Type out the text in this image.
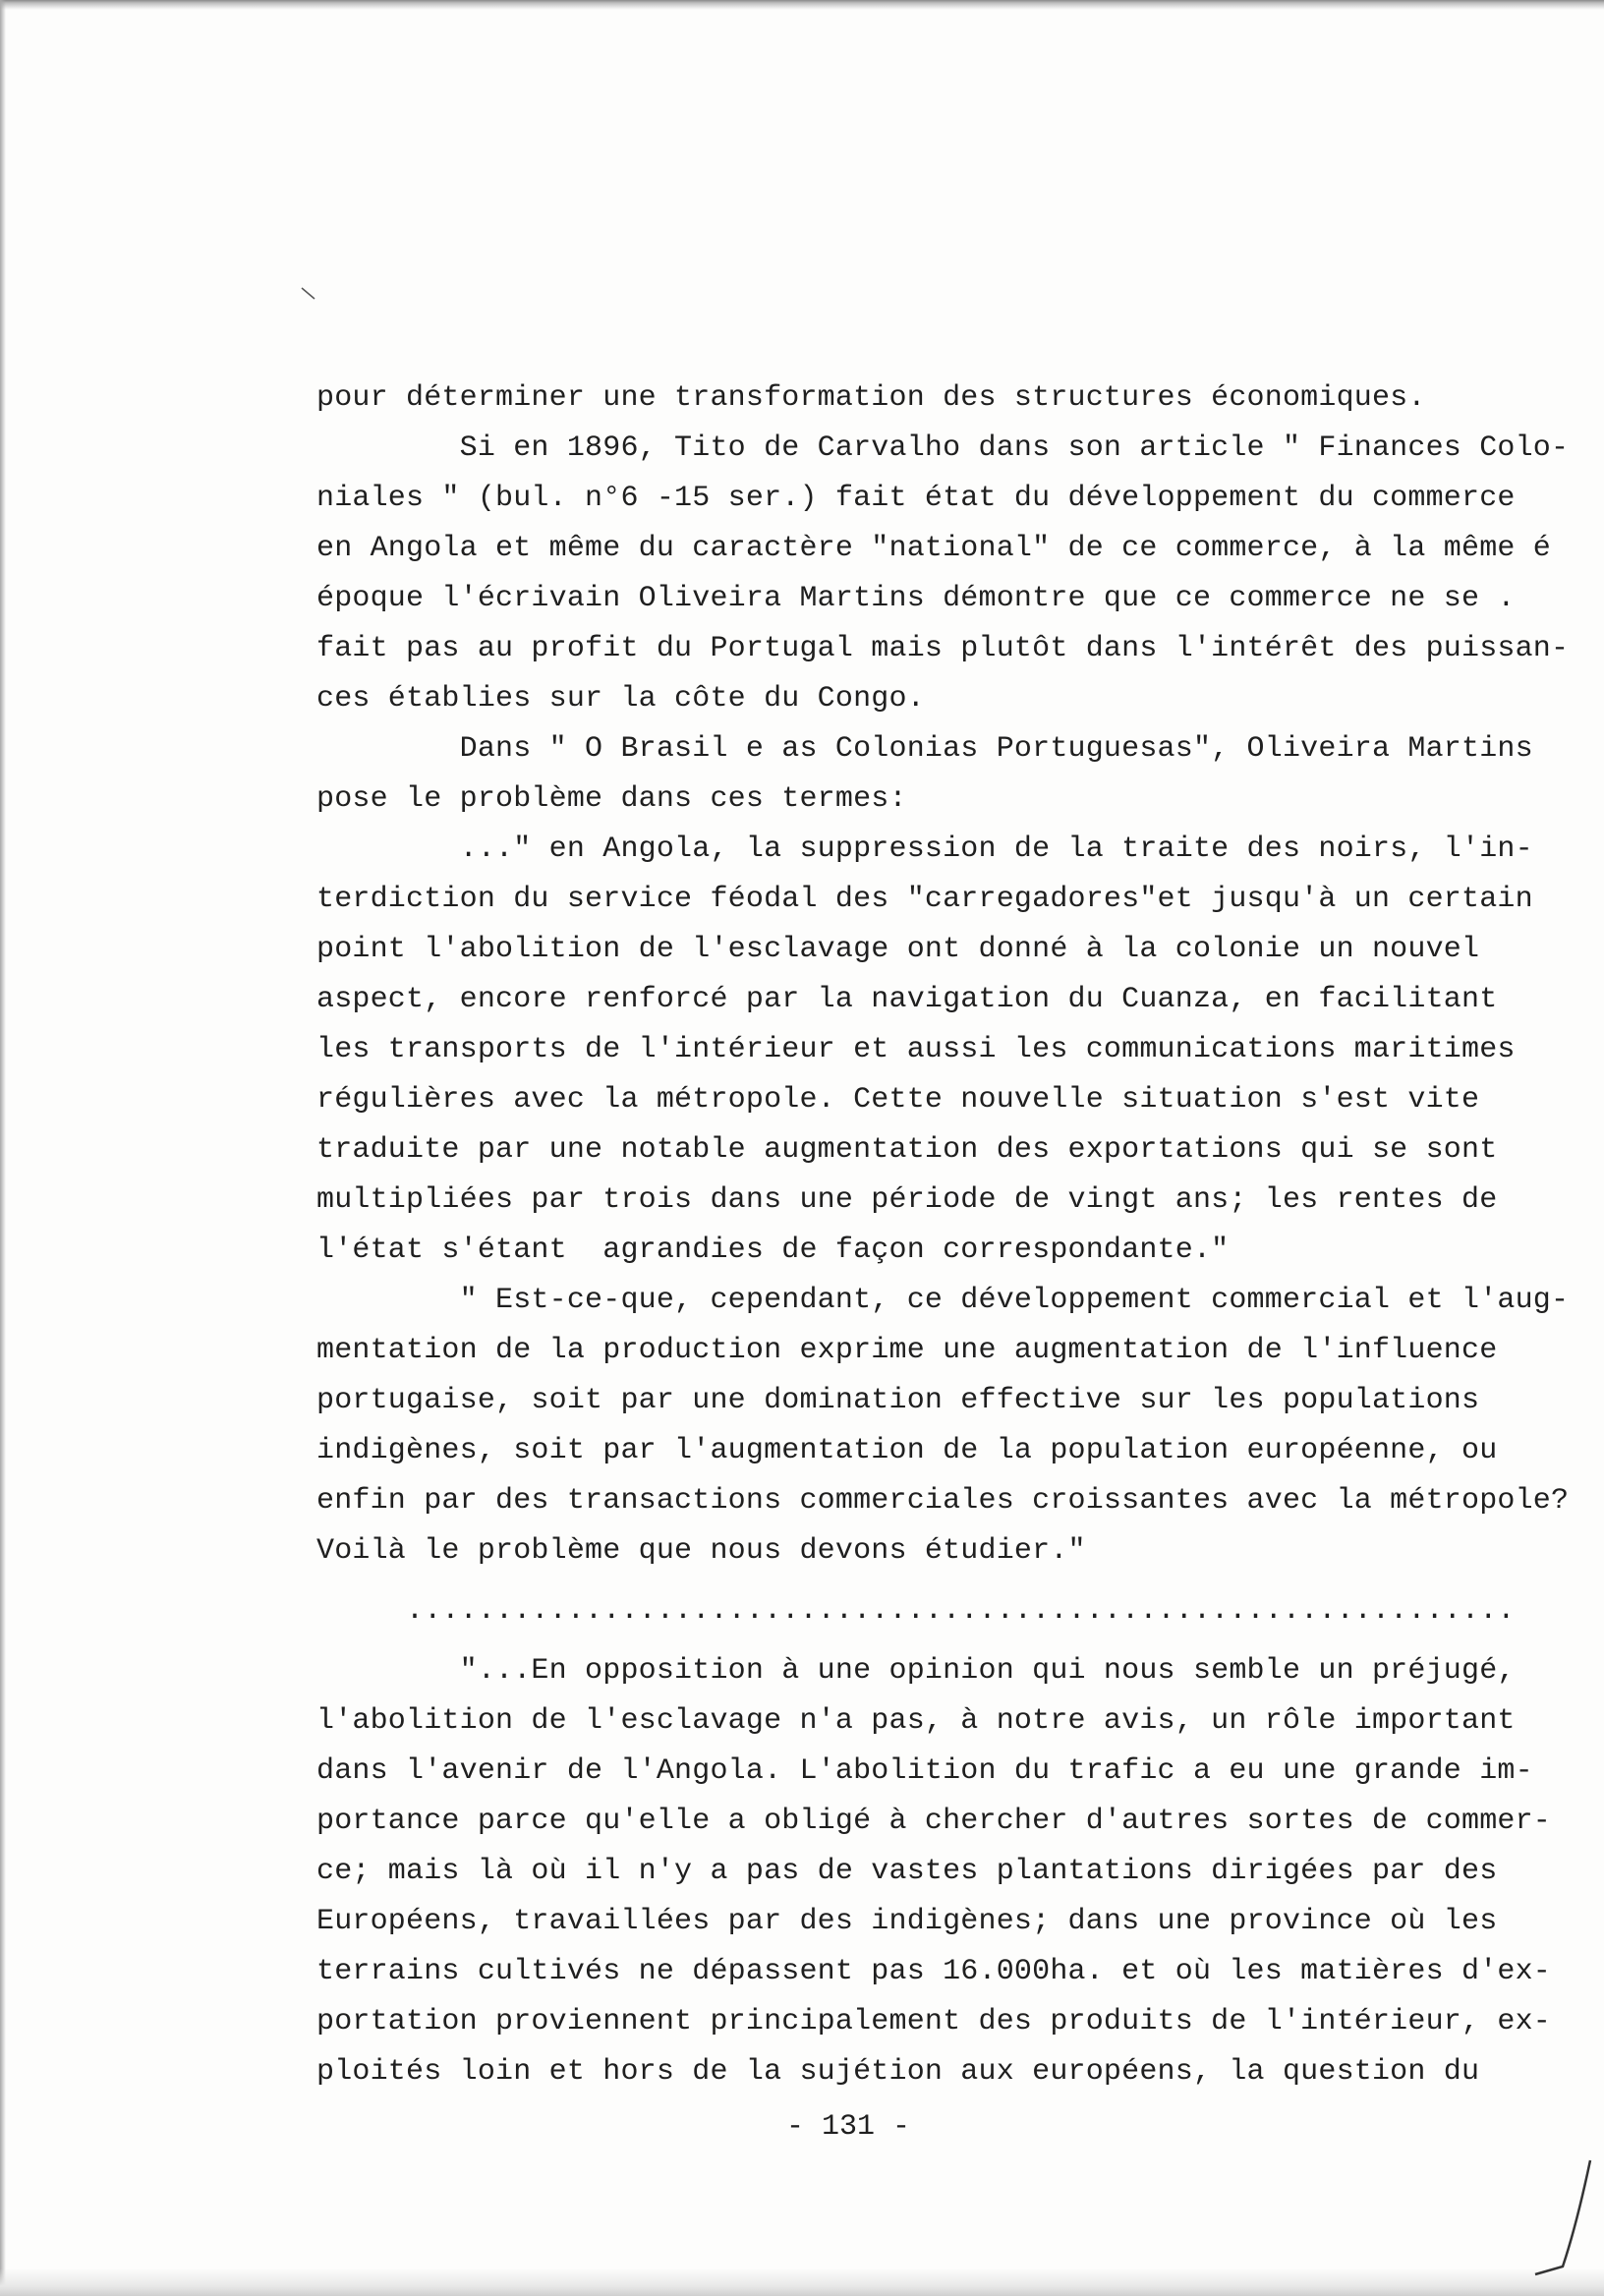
pour déterminer une transformation des structures économiques.
Si en 1896, Tito de Carvalho dans son article " Finances Colo-
niales " (bul. n°6 -15 ser.) fait état du développement du commerce
en Angola et même du caractère "national" de ce commerce, à la même é
époque l'écrivain Oliveira Martins démontre que ce commerce ne se .
fait pas au profit du Portugal mais plutôt dans l'intérêt des puissan-
ces établies sur la côte du Congo.
Dans " O Brasil e as Colonias Portuguesas", Oliveira Martins
pose le problème dans ces termes:
..." en Angola, la suppression de la traite des noirs, l'in-
terdiction du service féodal des "carregadores"et jusqu'à un certain
point l'abolition de l'esclavage ont donné à la colonie un nouvel
aspect, encore renforcé par la navigation du Cuanza, en facilitant
les transports de l'intérieur et aussi les communications maritimes
régulières avec la métropole. Cette nouvelle situation s'est vite
traduite par une notable augmentation des exportations qui se sont
multipliées par trois dans une période de vingt ans; les rentes de
l'état s'étant  agrandies de façon correspondante."
" Est-ce-que, cependant, ce développement commercial et l'aug-
mentation de la production exprime une augmentation de l'influence
portugaise, soit par une domination effective sur les populations
indigènes, soit par l'augmentation de la population européenne, ou
enfin par des transactions commerciales croissantes avec la métropole?
Voilà le problème que nous devons étudier."
..............................................................
"...En opposition à une opinion qui nous semble un préjugé,
l'abolition de l'esclavage n'a pas, à notre avis, un rôle important
dans l'avenir de l'Angola. L'abolition du trafic a eu une grande im-
portance parce qu'elle a obligé à chercher d'autres sortes de commer-
ce; mais là où il n'y a pas de vastes plantations dirigées par des
Européens, travaillées par des indigènes; dans une province où les
terrains cultivés ne dépassent pas 16.000ha. et où les matières d'ex-
portation proviennent principalement des produits de l'intérieur, ex-
ploités loin et hors de la sujétion aux européens, la question du
- 131 -
